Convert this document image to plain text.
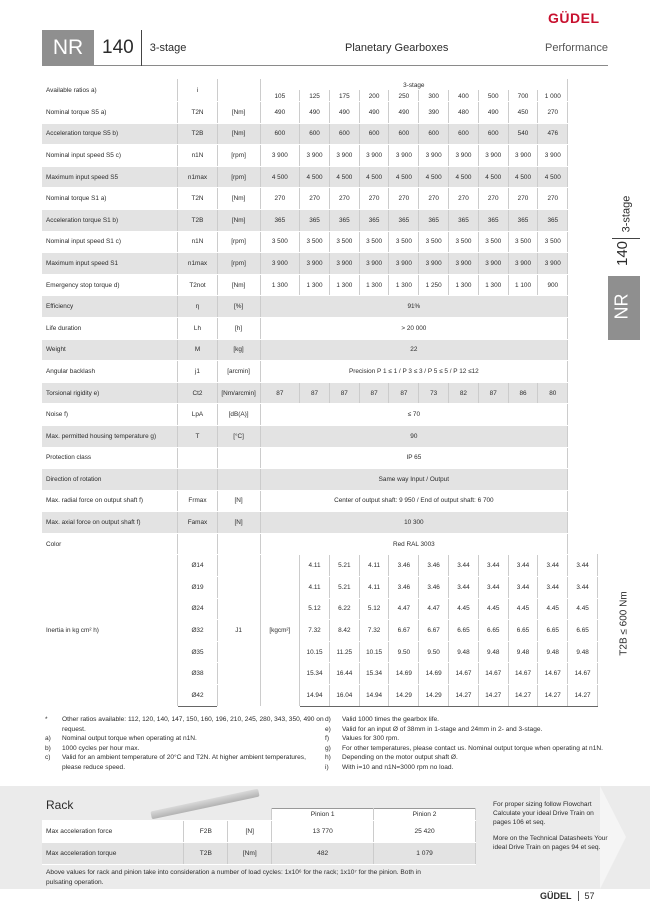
GÜDEL
NR 140	3-stage	Planetary Gearboxes	Performance
3-stage
140
NR
T2B ≤ 600 Nm
Available ratios a)	i		3-stage										
			105	125	175	200	250	300	400	500	700	1 000	
Nominal torque S5 a)	T2N	[Nm]	490	490	490	490	490	390	480	490	450	270	
Acceleration torque S5 b)	T2B	[Nm]	600	600	600	600	600	600	600	600	540	476	
Nominal input speed S5 c)	n1N	[rpm]	3 900	3 900	3 900	3 900	3 900	3 900	3 900	3 900	3 900	3 900	
Maximum input speed S5	n1max	[rpm]	4 500	4 500	4 500	4 500	4 500	4 500	4 500	4 500	4 500	4 500	
Nominal torque S1 a)	T2N	[Nm]	270	270	270	270	270	270	270	270	270	270	
Acceleration torque S1 b)	T2B	[Nm]	365	365	365	365	365	365	365	365	365	365	
Nominal input speed S1 c)	n1N	[rpm]	3 500	3 500	3 500	3 500	3 500	3 500	3 500	3 500	3 500	3 500	
Maximum input speed S1	n1max	[rpm]	3 900	3 900	3 900	3 900	3 900	3 900	3 900	3 900	3 900	3 900	
Emergency stop torque d)	T2not	[Nm]	1 300	1 300	1 300	1 300	1 300	1 250	1 300	1 300	1 100	900	
Efficiency	η	[%]	91%										
Life duration	Lh	[h]	> 20 000										
Weight	M	[kg]	22										
Angular backlash	j1	[arcmin]	Precision P 1 ≤ 1 / P 3 ≤ 3 / P 5 ≤ 5 / P 12 ≤12										
Torsional rigidity e)	Ct2	[Nm/arcmin]	87	87	87	87	87	73	82	87	86	80	
Noise f)	LpA	[dB(A)]	≤ 70										
Max. permitted housing temperature g)	T	[°C]	90										
Protection class			IP 65										
Direction of rotation			Same way Input / Output										
Max. radial force on output shaft f)	Frmax	[N]	Center of output shaft: 9 950 / End of output shaft: 6 700										
Max. axial force on output shaft f)	Famax	[N]	10 300										
Color			Red RAL 3003										
Inertia in kg cm² h)	Ø14	J1	[kgcm²]	4.11	5.21	4.11	3.46	3.46	3.44	3.44	3.44	3.44	3.44
	Ø19			4.11	5.21	4.11	3.46	3.46	3.44	3.44	3.44	3.44	3.44
	Ø24			5.12	6.22	5.12	4.47	4.47	4.45	4.45	4.45	4.45	4.45
	Ø32			7.32	8.42	7.32	6.67	6.67	6.65	6.65	6.65	6.65	6.65
	Ø35			10.15	11.25	10.15	9.50	9.50	9.48	9.48	9.48	9.48	9.48
	Ø38			15.34	16.44	15.34	14.69	14.69	14.67	14.67	14.67	14.67	14.67
	Ø42			14.94	16.04	14.94	14.29	14.29	14.27	14.27	14.27	14.27	14.27
*	Other ratios available: 112, 120, 140, 147, 150, 160, 196, 210, 245, 280, 343, 350, 490 on request.
a)	Nominal output torque when operating at n1N.
b)	1000 cycles per hour max.
c)	Valid for an ambient temperature of 20°C and T2N. At higher ambient temperatures, please reduce speed.
d)	Valid 1000 times the gearbox life.
e)	Valid for an input Ø of 38mm in 1-stage and 24mm in 2- and 3-stage.
f)	Values for 300 rpm.
g)	For other temperatures, please contact us. Nominal output torque when operating at n1N.
h)	Depending on the motor output shaft Ø.
i)	With i=10 and n1N=3000 rpm no load.
Rack
			Pinion 1	Pinion 2
Max acceleration force	F2B	[N]	13 770	25 420
Max acceleration torque	T2B	[Nm]	482	1 079
Above values for rack and pinion take into consideration a number of load cycles: 1x10⁶ for the rack; 1x10⁷ for the pinion. Both in pulsating operation.

For proper sizing follow Flowchart Calculate your ideal Drive Train on pages 106 et seq.

More on the Technical Datasheets Your ideal Drive Train on pages 94 et seq.

GÜDEL	57
